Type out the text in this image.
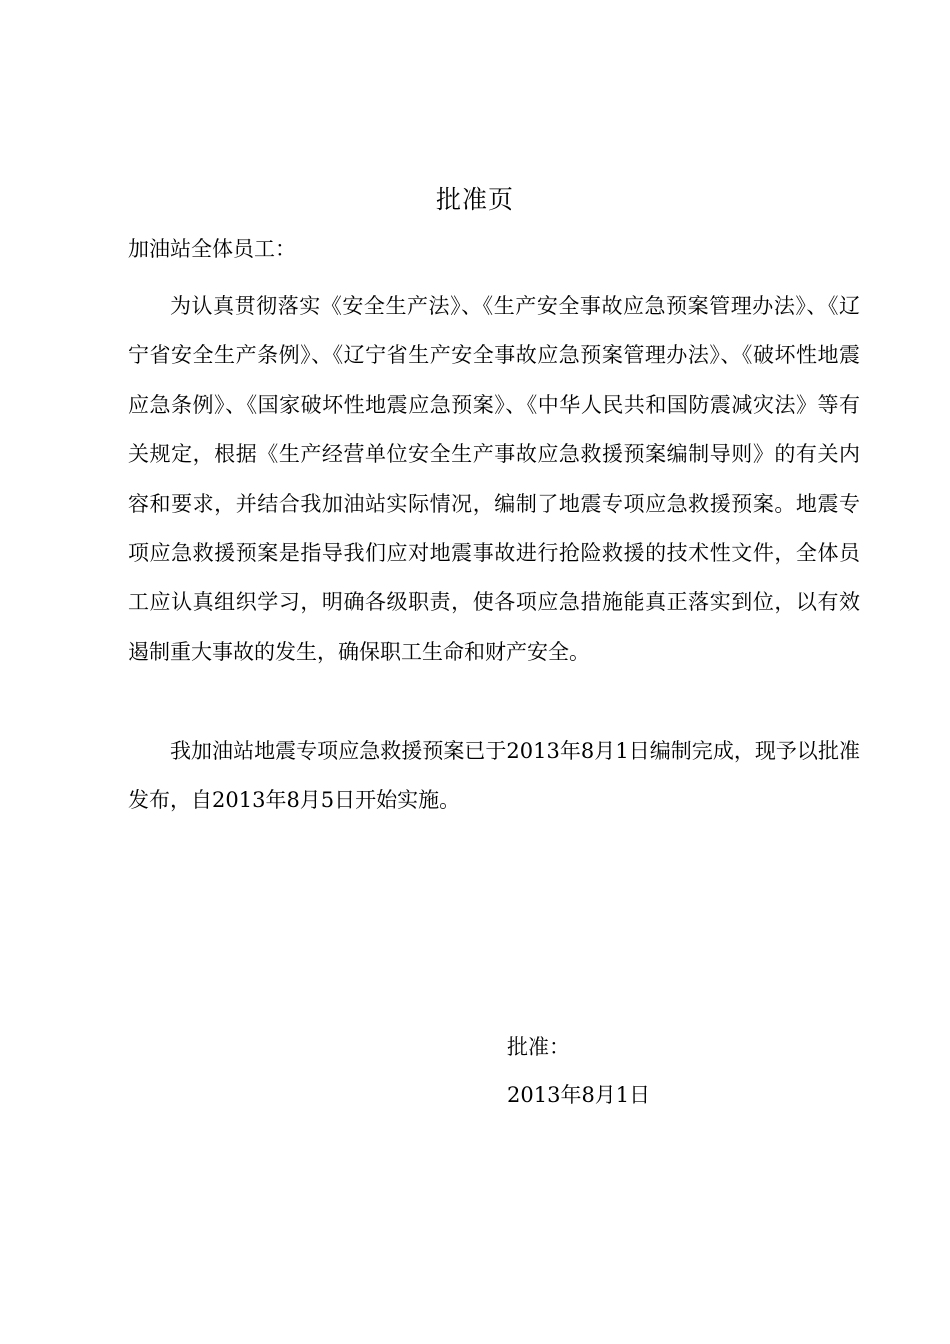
批准页
加油站全体员工：

为认真贯彻落实《安全生产法》、《生产安全事故应急预案管理办法》、《辽宁省安全生产条例》、《辽宁省生产安全事故应急预案管理办法》、《破坏性地震应急条例》、《国家破坏性地震应急预案》、《中华人民共和国防震减灾法》等有关规定，根据《生产经营单位安全生产事故应急救援预案编制导则》的有关内容和要求，并结合我加油站实际情况，编制了地震专项应急救援预案。地震专项应急救援预案是指导我们应对地震事故进行抢险救援的技术性文件，全体员工应认真组织学习，明确各级职责，使各项应急措施能真正落实到位，以有效遏制重大事故的发生，确保职工生命和财产安全。

我加油站地震专项应急救援预案已于2013年8月1日编制完成，现予以批准发布，自2013年8月5日开始实施。

批准：
2013年8月1日
